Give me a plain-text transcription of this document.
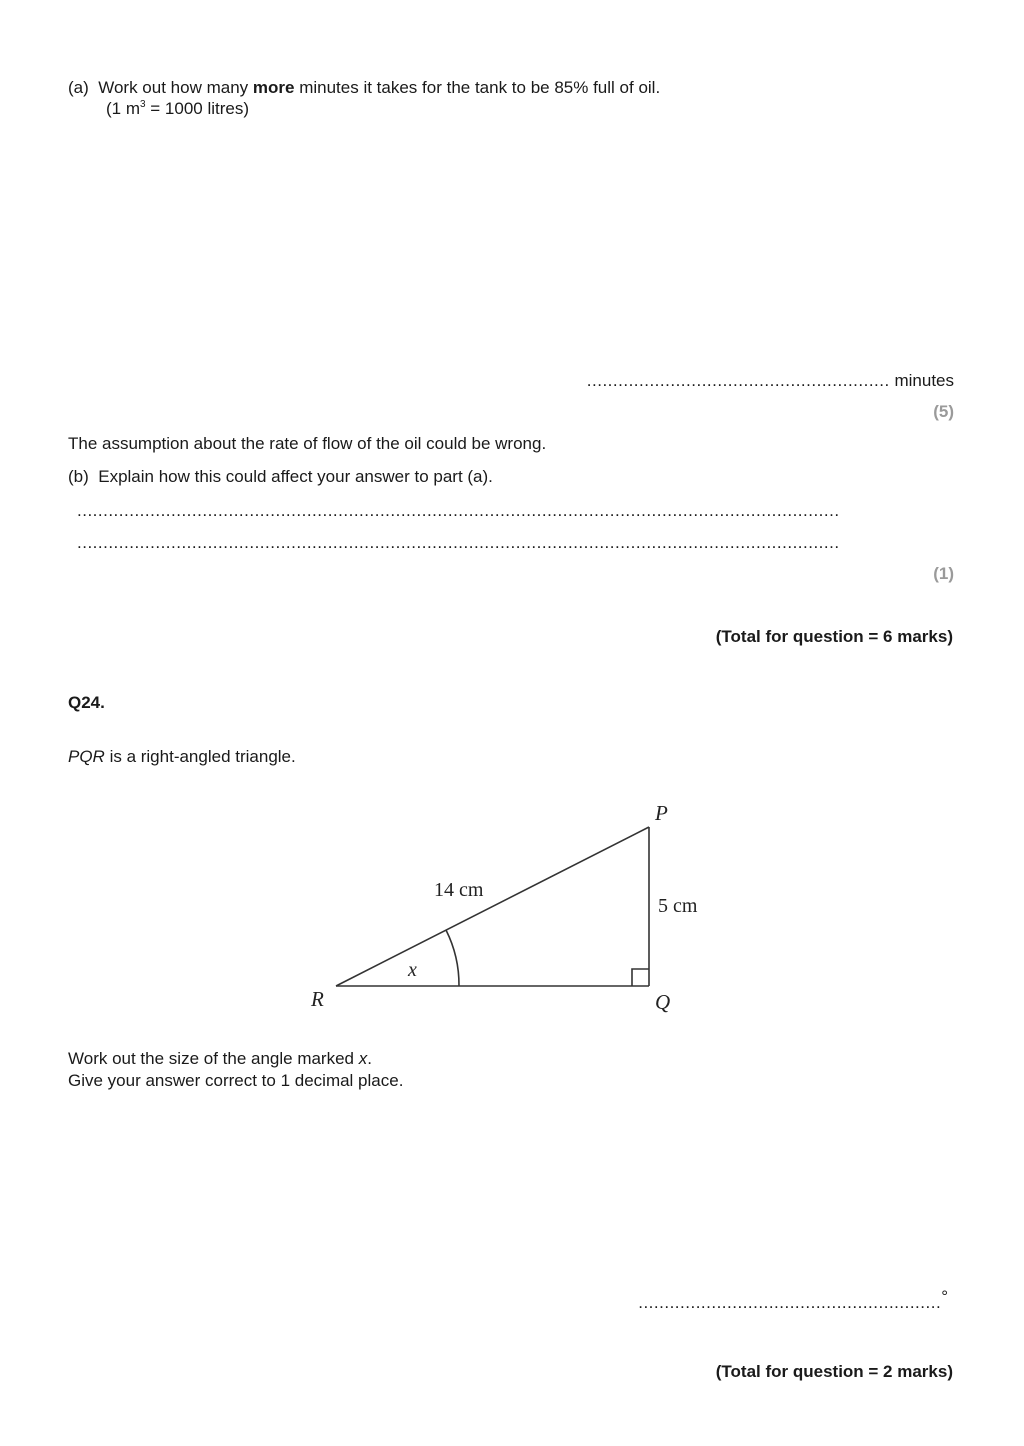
(a) Work out how many more minutes it takes for the tank to be 85% full of oil.
(1 $m^3 = 1000$ litres)
.......................................................... minutes
(5)
The assumption about the rate of flow of the oil could be wrong.
(b) Explain how this could affect your answer to part (a).
..................................................................................................................................................
..................................................................................................................................................
(1)
(Total for question = 6 marks)
Q24.
PQR is a right-angled triangle.
P
Q
R
14 cm
5 cm
x
Work out the size of the angle marked x.
Give your answer correct to 1 decimal place.
..........................................................°
(Total for question = 2 marks)
